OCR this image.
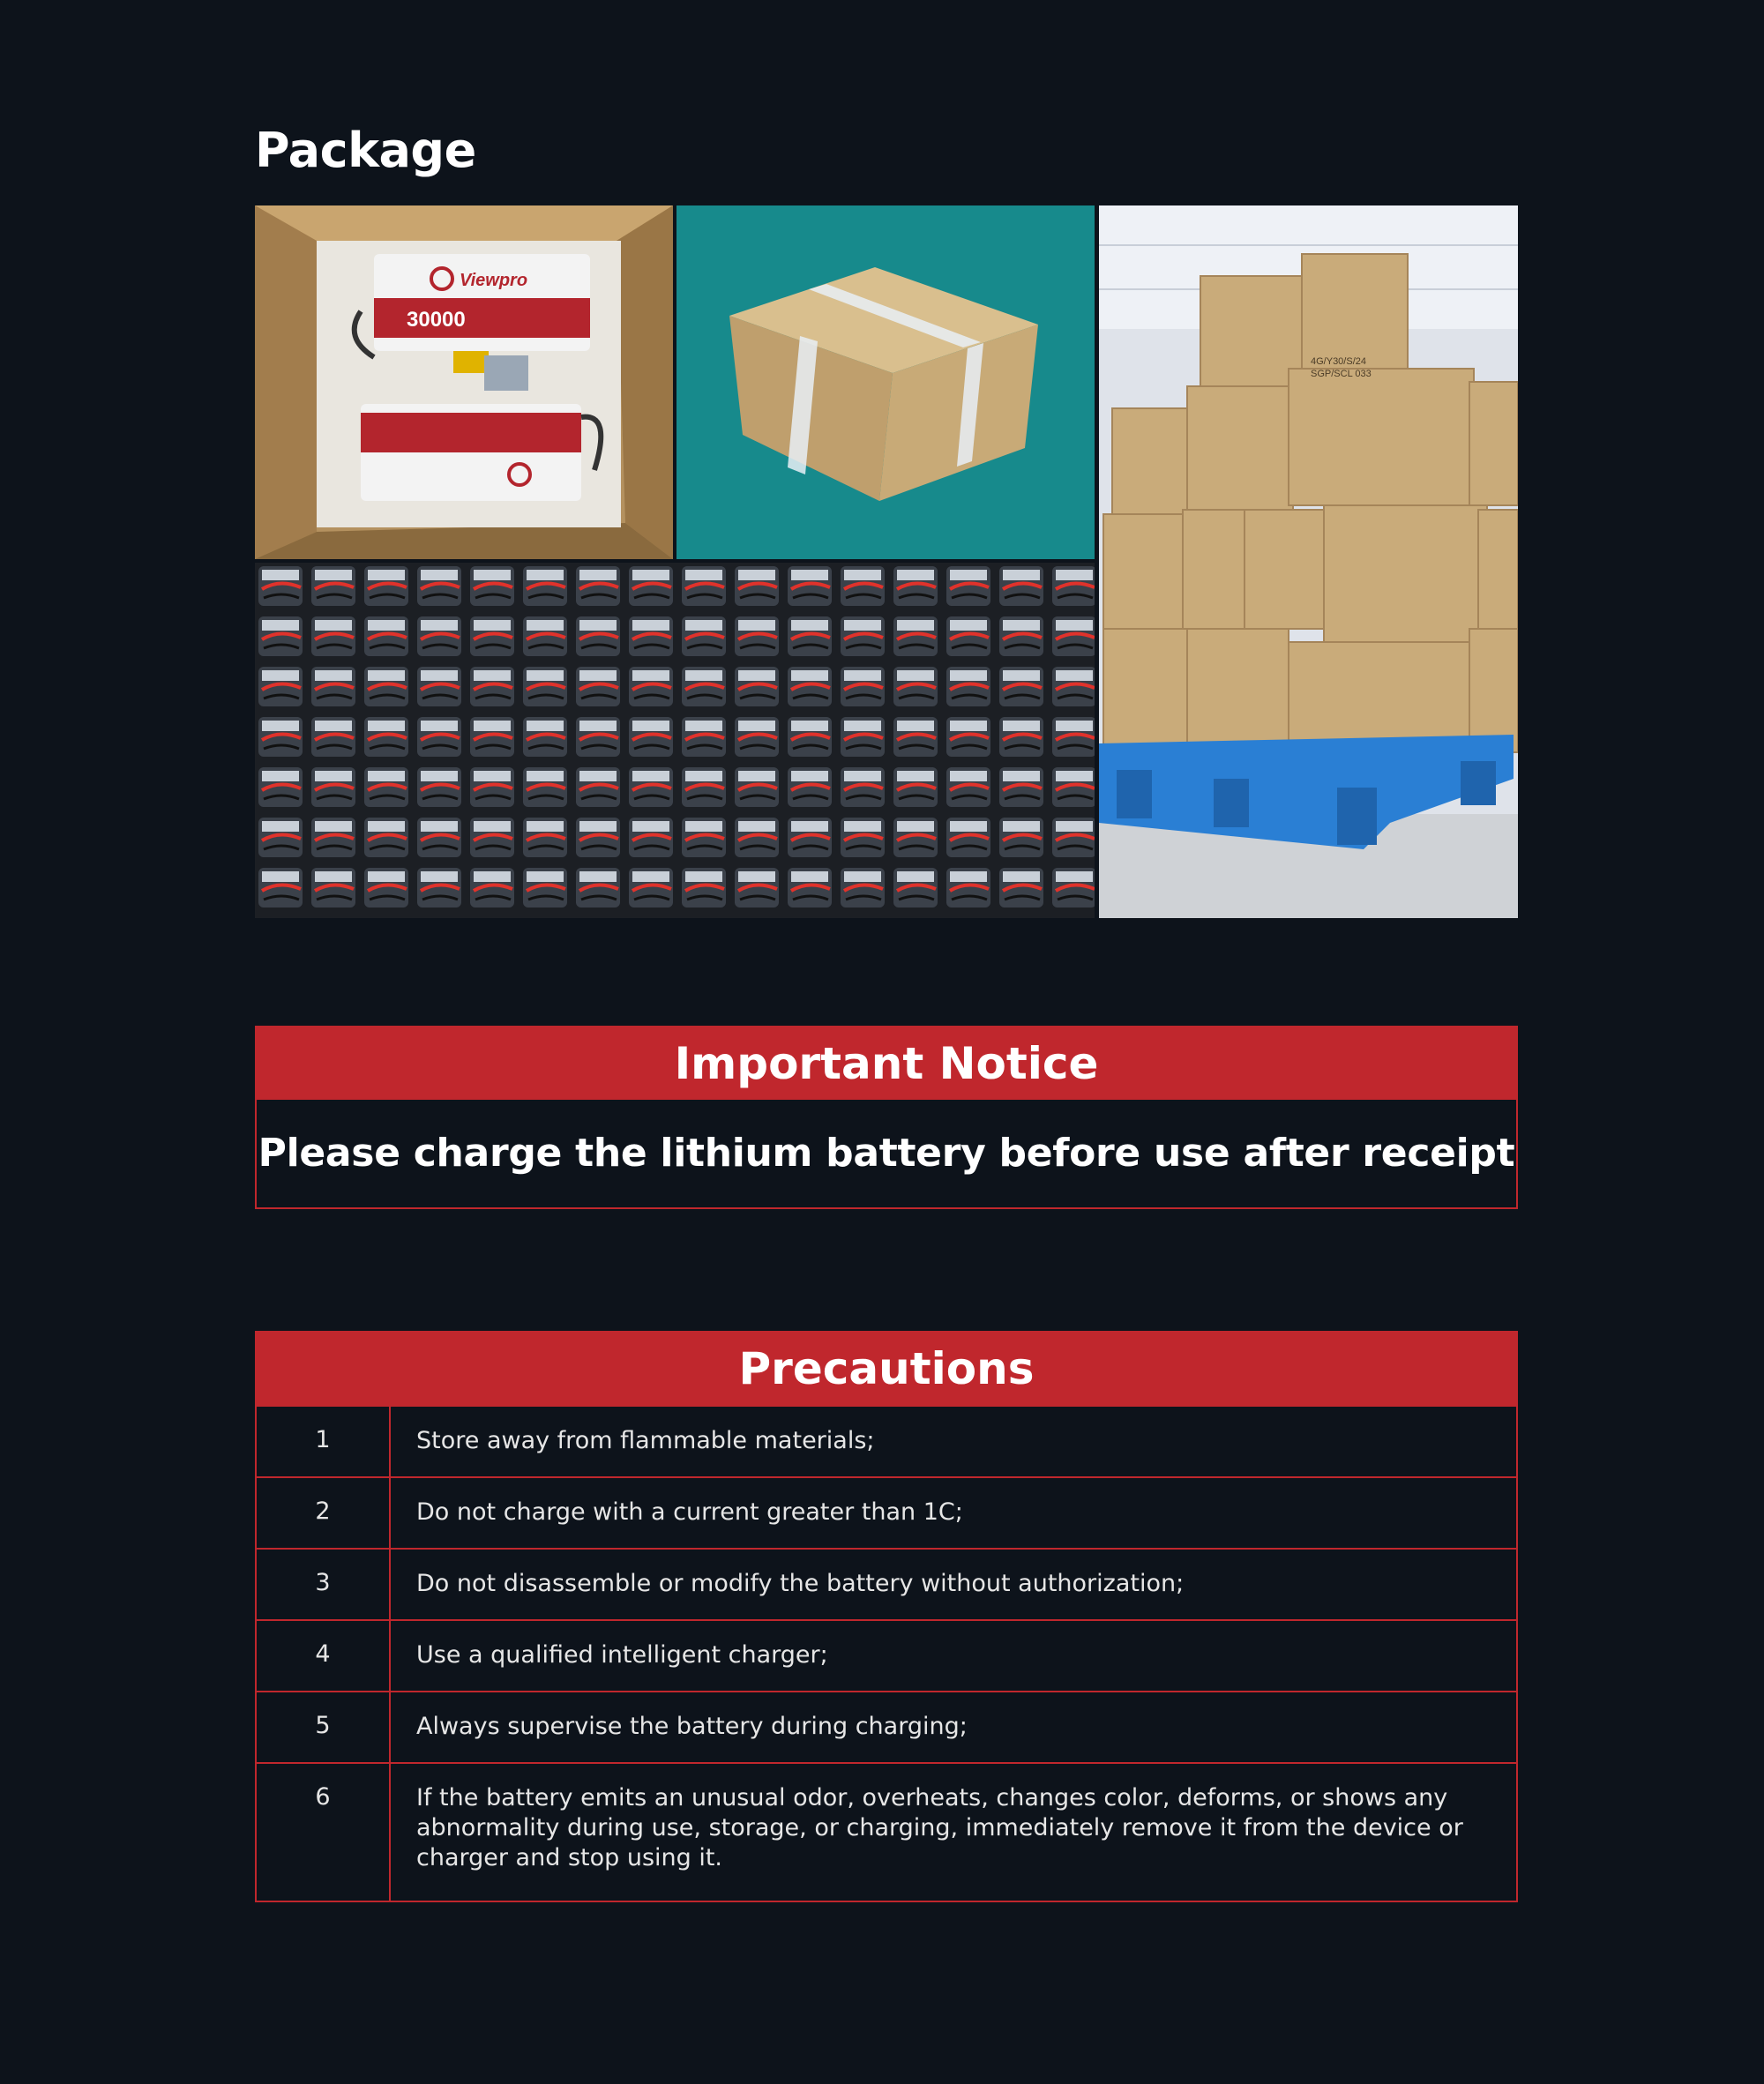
Package
Viewpro
30000
4G/Y30/S/24
SGP/SCL 033
Important Notice
Please charge the lithium battery before use after receipt
Precautions
1	Store away from flammable materials;
2	Do not charge with a current greater than 1C;
3	Do not disassemble or modify the battery without authorization;
4	Use a qualified intelligent charger;
5	Always supervise the battery during charging;
6	If the battery emits an unusual odor, overheats, changes color, deforms, or shows any abnormality during use, storage, or charging, immediately remove it from the device or charger and stop using it.
